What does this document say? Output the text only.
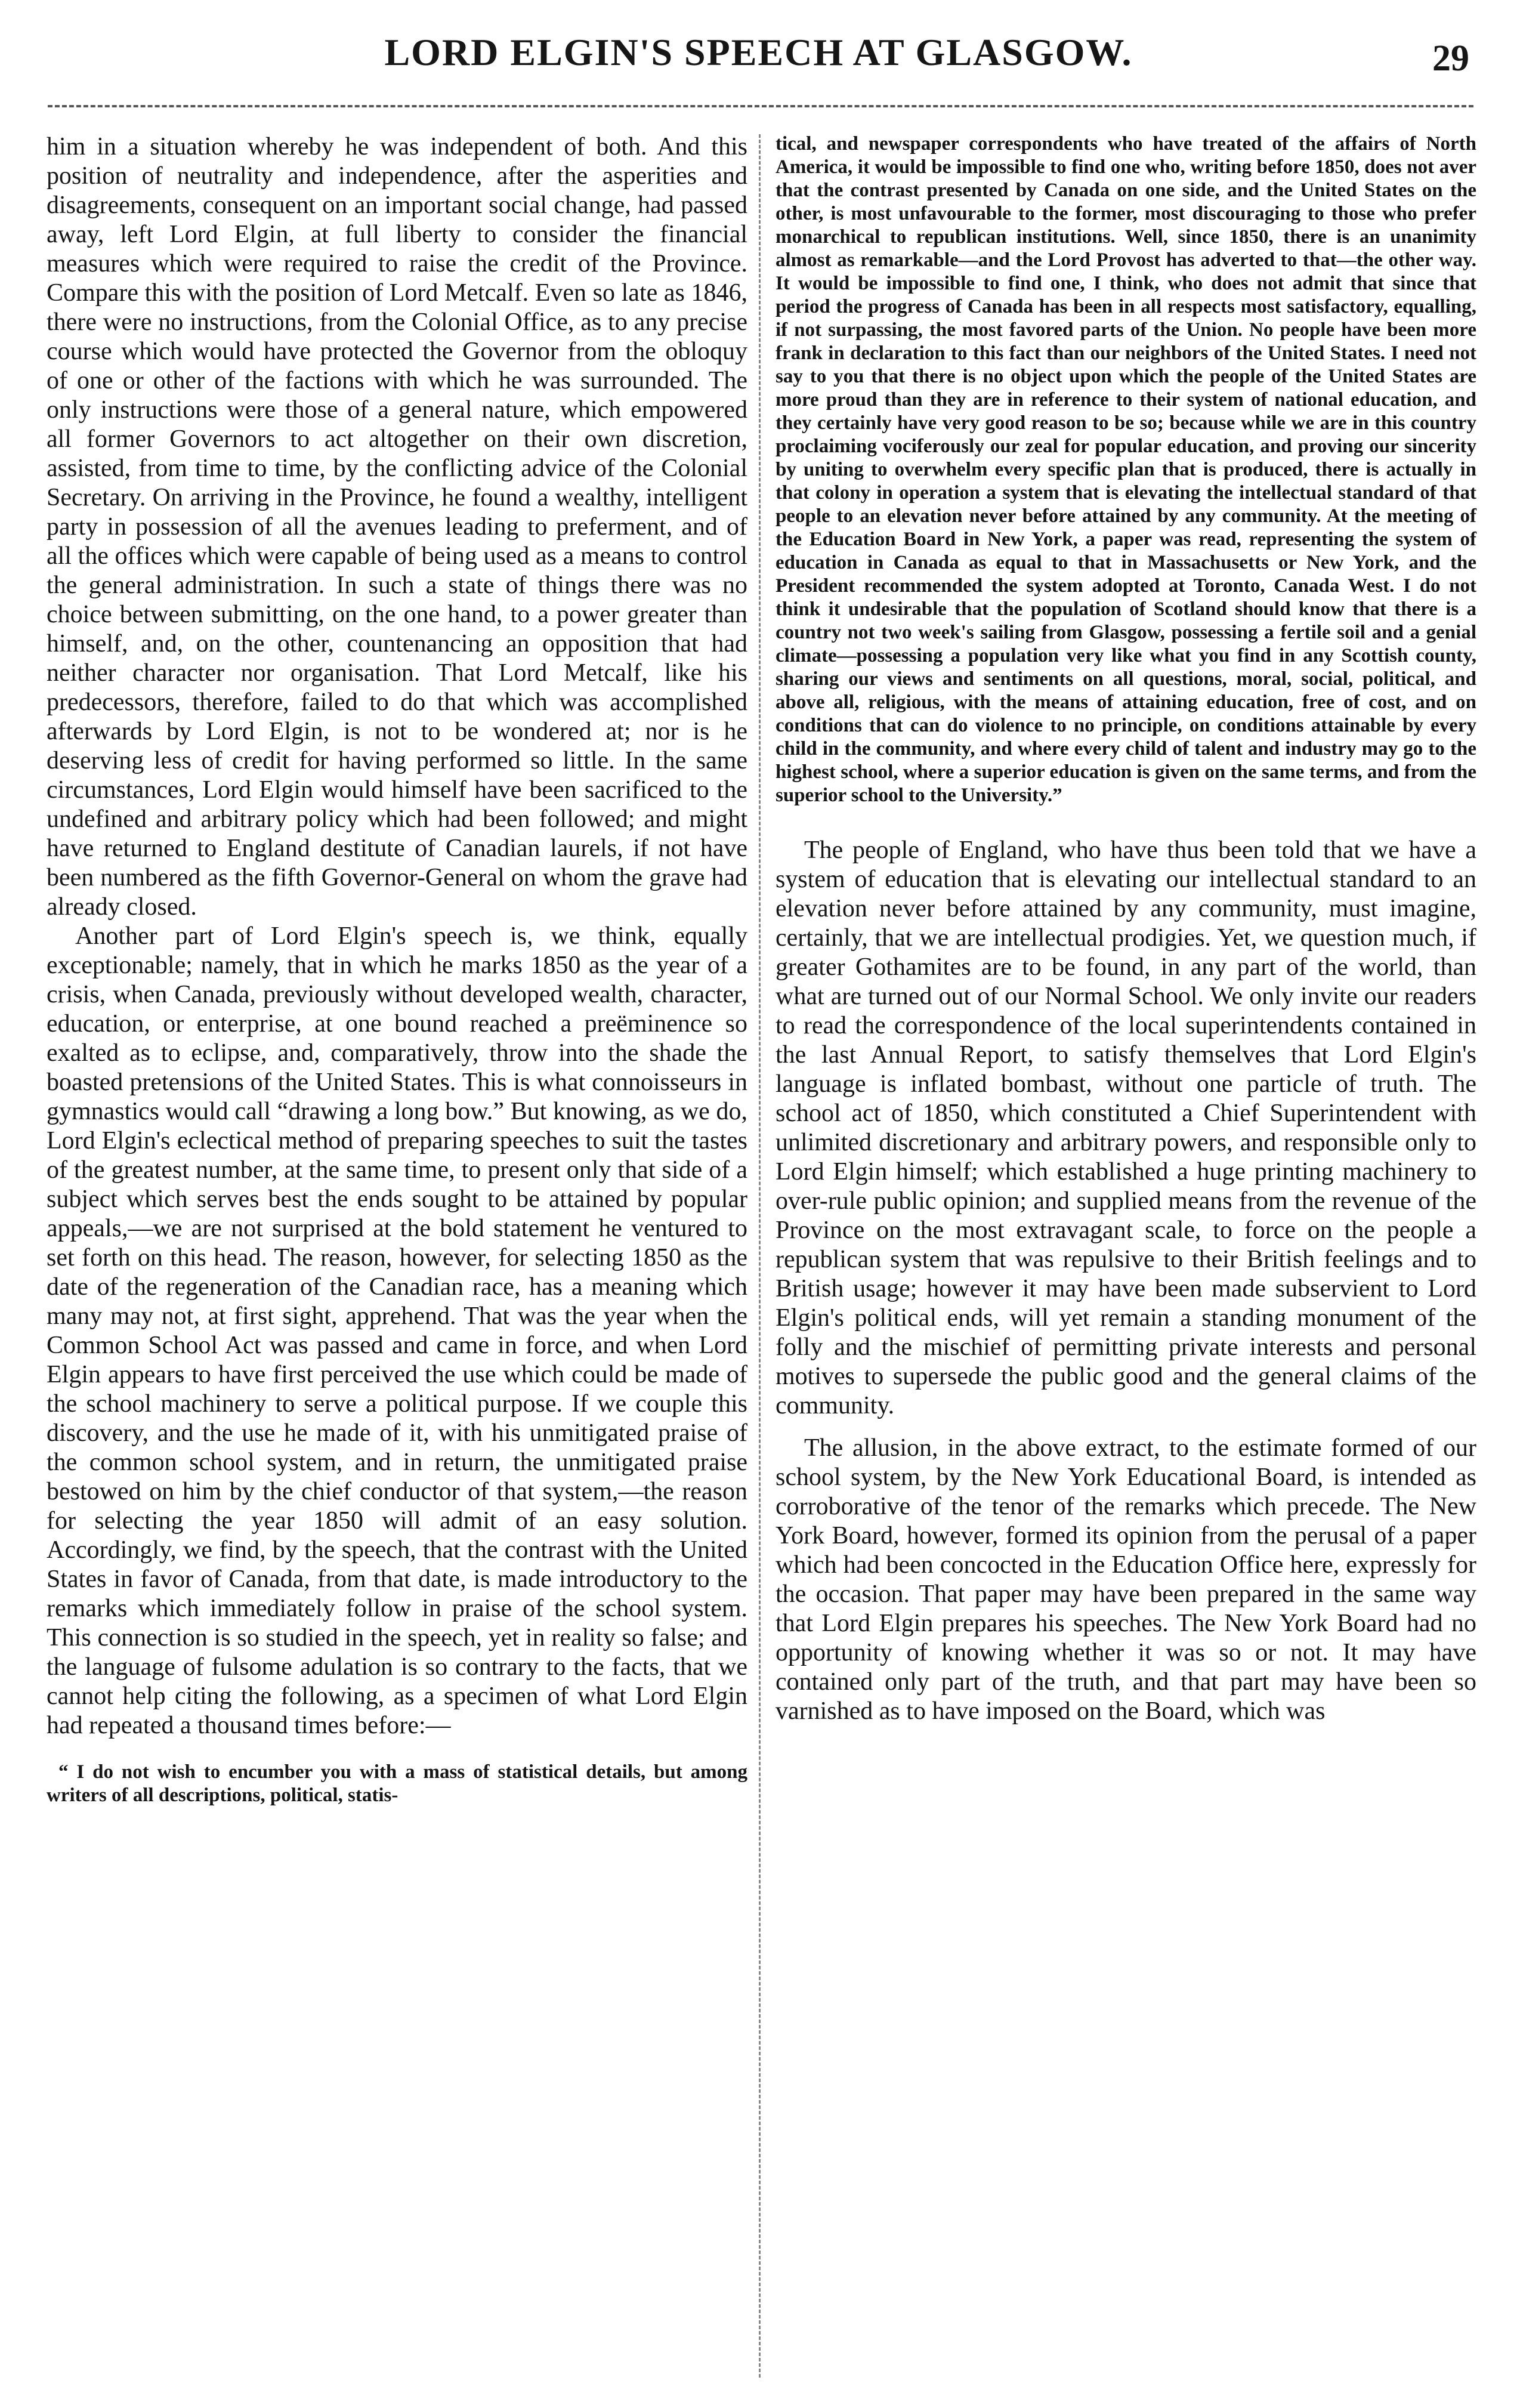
LORD ELGIN'S SPEECH AT GLASGOW.	29

him in a situation whereby he was independent of both. And this position of neutrality and independence, after the asperities and disagreements, consequent on an important social change, had passed away, left Lord Elgin, at full liberty to consider the financial measures which were required to raise the credit of the Province. Compare this with the position of Lord Metcalf. Even so late as 1846, there were no instructions, from the Colonial Office, as to any precise course which would have protected the Governor from the obloquy of one or other of the factions with which he was surrounded. The only instructions were those of a general nature, which empowered all former Governors to act altogether on their own discretion, assisted, from time to time, by the conflicting advice of the Colonial Secretary. On arriving in the Province, he found a wealthy, intelligent party in possession of all the avenues leading to preferment, and of all the offices which were capable of being used as a means to control the general administration. In such a state of things there was no choice between submitting, on the one hand, to a power greater than himself, and, on the other, countenancing an opposition that had neither character nor organisation. That Lord Metcalf, like his predecessors, therefore, failed to do that which was accomplished afterwards by Lord Elgin, is not to be wondered at; nor is he deserving less of credit for having performed so little. In the same circumstances, Lord Elgin would himself have been sacrificed to the undefined and arbitrary policy which had been followed; and might have returned to England destitute of Canadian laurels, if not have been numbered as the fifth Governor-General on whom the grave had already closed.

Another part of Lord Elgin's speech is, we think, equally exceptionable; namely, that in which he marks 1850 as the year of a crisis, when Canada, previously without developed wealth, character, education, or enterprise, at one bound reached a preëminence so exalted as to eclipse, and, comparatively, throw into the shade the boasted pretensions of the United States. This is what connoisseurs in gymnastics would call “drawing a long bow.” But knowing, as we do, Lord Elgin's eclectical method of preparing speeches to suit the tastes of the greatest number, at the same time, to present only that side of a subject which serves best the ends sought to be attained by popular appeals,—we are not surprised at the bold statement he ventured to set forth on this head. The reason, however, for selecting 1850 as the date of the regeneration of the Canadian race, has a meaning which many may not, at first sight, apprehend. That was the year when the Common School Act was passed and came in force, and when Lord Elgin appears to have first perceived the use which could be made of the school machinery to serve a political purpose. If we couple this discovery, and the use he made of it, with his unmitigated praise of the common school system, and in return, the unmitigated praise bestowed on him by the chief conductor of that system,—the reason for selecting the year 1850 will admit of an easy solution. Accordingly, we find, by the speech, that the contrast with the United States in favor of Canada, from that date, is made introductory to the remarks which immediately follow in praise of the school system. This connection is so studied in the speech, yet in reality so false; and the language of fulsome adulation is so contrary to the facts, that we cannot help citing the following, as a specimen of what Lord Elgin had repeated a thousand times before:—

“ I do not wish to encumber you with a mass of statistical details, but among writers of all descriptions, political, statis-

tical, and newspaper correspondents who have treated of the affairs of North America, it would be impossible to find one who, writing before 1850, does not aver that the contrast presented by Canada on one side, and the United States on the other, is most unfavourable to the former, most discouraging to those who prefer monarchical to republican institutions. Well, since 1850, there is an unanimity almost as remarkable—and the Lord Provost has adverted to that—the other way. It would be impossible to find one, I think, who does not admit that since that period the progress of Canada has been in all respects most satisfactory, equalling, if not surpassing, the most favored parts of the Union. No people have been more frank in declaration to this fact than our neighbors of the United States. I need not say to you that there is no object upon which the people of the United States are more proud than they are in reference to their system of national education, and they certainly have very good reason to be so; because while we are in this country proclaiming vociferously our zeal for popular education, and proving our sincerity by uniting to overwhelm every specific plan that is produced, there is actually in that colony in operation a system that is elevating the intellectual standard of that people to an elevation never before attained by any community. At the meeting of the Education Board in New York, a paper was read, representing the system of education in Canada as equal to that in Massachusetts or New York, and the President recommended the system adopted at Toronto, Canada West. I do not think it undesirable that the population of Scotland should know that there is a country not two week's sailing from Glasgow, possessing a fertile soil and a genial climate—possessing a population very like what you find in any Scottish county, sharing our views and sentiments on all questions, moral, social, political, and above all, religious, with the means of attaining education, free of cost, and on conditions that can do violence to no principle, on conditions attainable by every child in the community, and where every child of talent and industry may go to the highest school, where a superior education is given on the same terms, and from the superior school to the University.”

The people of England, who have thus been told that we have a system of education that is elevating our intellectual standard to an elevation never before attained by any community, must imagine, certainly, that we are intellectual prodigies. Yet, we question much, if greater Gothamites are to be found, in any part of the world, than what are turned out of our Normal School. We only invite our readers to read the correspondence of the local superintendents contained in the last Annual Report, to satisfy themselves that Lord Elgin's language is inflated bombast, without one particle of truth. The school act of 1850, which constituted a Chief Superintendent with unlimited discretionary and arbitrary powers, and responsible only to Lord Elgin himself; which established a huge printing machinery to over-rule public opinion; and supplied means from the revenue of the Province on the most extravagant scale, to force on the people a republican system that was repulsive to their British feelings and to British usage; however it may have been made subservient to Lord Elgin's political ends, will yet remain a standing monument of the folly and the mischief of permitting private interests and personal motives to supersede the public good and the general claims of the community.

The allusion, in the above extract, to the estimate formed of our school system, by the New York Educational Board, is intended as corroborative of the tenor of the remarks which precede. The New York Board, however, formed its opinion from the perusal of a paper which had been concocted in the Education Office here, expressly for the occasion. That paper may have been prepared in the same way that Lord Elgin prepares his speeches. The New York Board had no opportunity of knowing whether it was so or not. It may have contained only part of the truth, and that part may have been so varnished as to have imposed on the Board, which was
